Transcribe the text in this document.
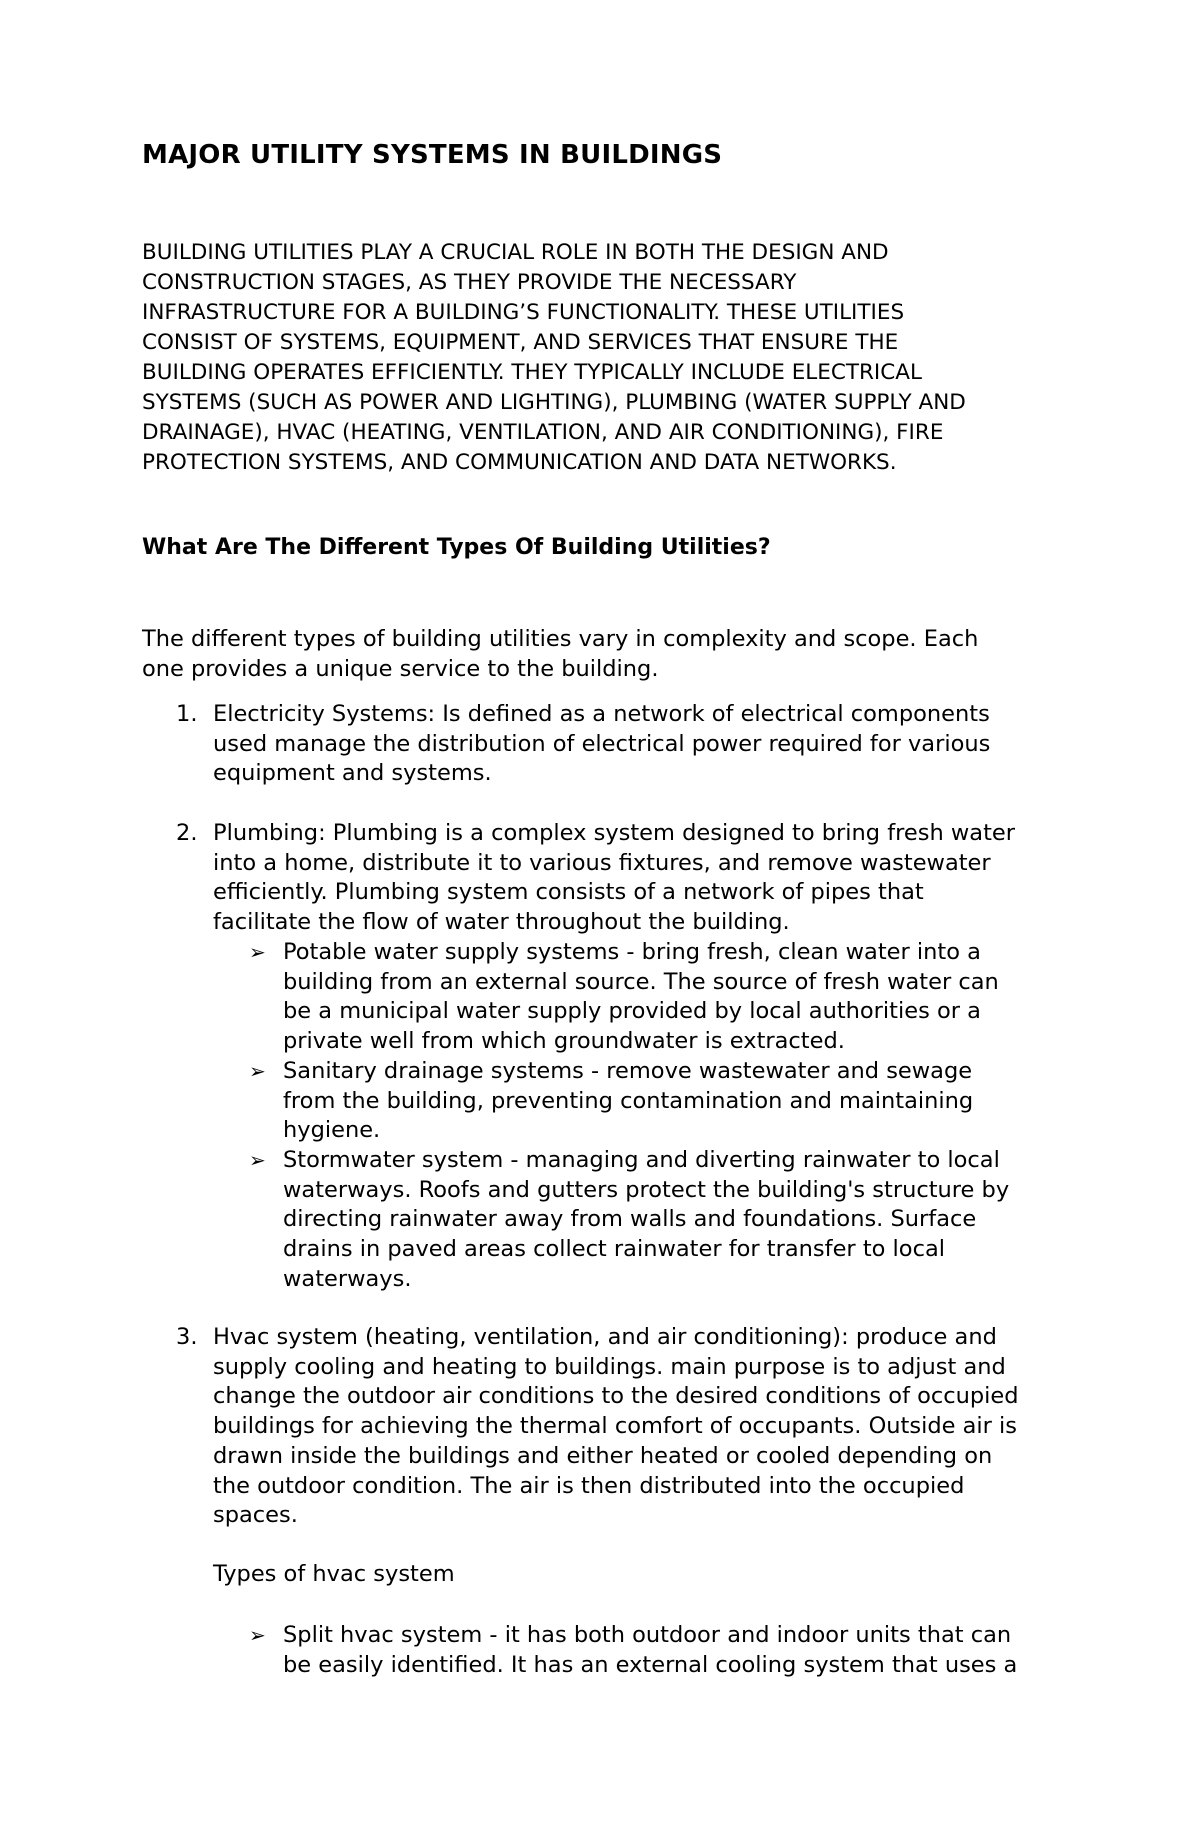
MAJOR UTILITY SYSTEMS IN BUILDINGS
BUILDING UTILITIES PLAY A CRUCIAL ROLE IN BOTH THE DESIGN AND
CONSTRUCTION STAGES, AS THEY PROVIDE THE NECESSARY
INFRASTRUCTURE FOR A BUILDING’S FUNCTIONALITY. THESE UTILITIES
CONSIST OF SYSTEMS, EQUIPMENT, AND SERVICES THAT ENSURE THE
BUILDING OPERATES EFFICIENTLY. THEY TYPICALLY INCLUDE ELECTRICAL
SYSTEMS (SUCH AS POWER AND LIGHTING), PLUMBING (WATER SUPPLY AND
DRAINAGE), HVAC (HEATING, VENTILATION, AND AIR CONDITIONING), FIRE
PROTECTION SYSTEMS, AND COMMUNICATION AND DATA NETWORKS.
What Are The Different Types Of Building Utilities?
The different types of building utilities vary in complexity and scope. Each
one provides a unique service to the building.
1. Electricity Systems: Is defined as a network of electrical components
used manage the distribution of electrical power required for various
equipment and systems.
2. Plumbing: Plumbing is a complex system designed to bring fresh water
into a home, distribute it to various fixtures, and remove wastewater
efficiently. Plumbing system consists of a network of pipes that
facilitate the flow of water throughout the building.
➢ Potable water supply systems - bring fresh, clean water into a
building from an external source. The source of fresh water can
be a municipal water supply provided by local authorities or a
private well from which groundwater is extracted.
➢ Sanitary drainage systems - remove wastewater and sewage
from the building, preventing contamination and maintaining
hygiene.
➢ Stormwater system - managing and diverting rainwater to local
waterways. Roofs and gutters protect the building's structure by
directing rainwater away from walls and foundations. Surface
drains in paved areas collect rainwater for transfer to local
waterways.
3. Hvac system (heating, ventilation, and air conditioning): produce and
supply cooling and heating to buildings. main purpose is to adjust and
change the outdoor air conditions to the desired conditions of occupied
buildings for achieving the thermal comfort of occupants. Outside air is
drawn inside the buildings and either heated or cooled depending on
the outdoor condition. The air is then distributed into the occupied
spaces.
Types of hvac system
➢ Split hvac system - it has both outdoor and indoor units that can
be easily identified. It has an external cooling system that uses a
